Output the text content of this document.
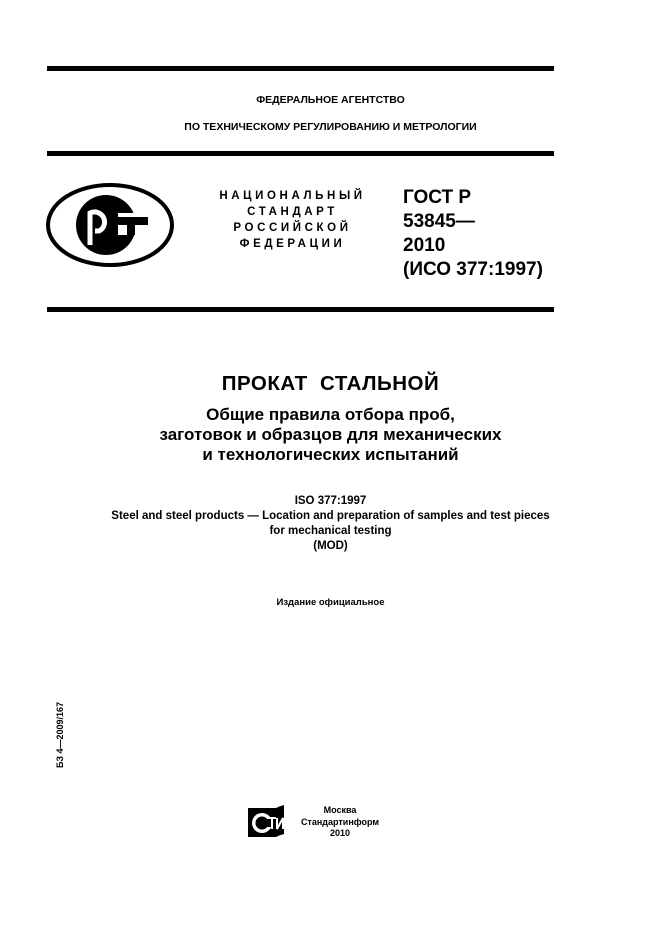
ФЕДЕРАЛЬНОЕ АГЕНТСТВО
ПО ТЕХНИЧЕСКОМУ РЕГУЛИРОВАНИЮ И МЕТРОЛОГИИ
НАЦИОНАЛЬНЫЙ
СТАНДАРТ
РОССИЙСКОЙ
ФЕДЕРАЦИИ
ГОСТ Р
53845—
2010
(ИСО 377:1997)
ПРОКАТ  СТАЛЬНОЙ
Общие правила отбора проб,
заготовок и образцов для механических
и технологических испытаний
ISO 377:1997
Steel and steel products — Location and preparation of samples and test pieces
for mechanical testing
(MOD)
Издание официальное
БЗ 4—2009/167
Москва
Стандартинформ
2010
